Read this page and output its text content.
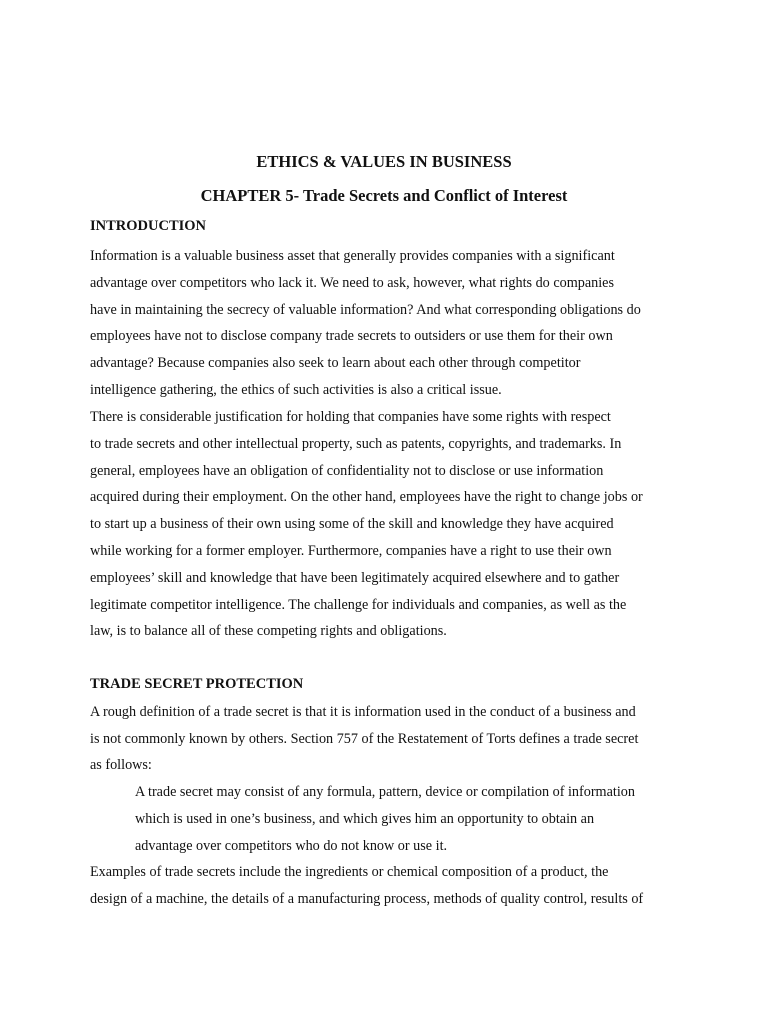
ETHICS & VALUES IN BUSINESS
CHAPTER 5- Trade Secrets and Conflict of Interest
INTRODUCTION
Information is a valuable business asset that generally provides companies with a significant
advantage over competitors who lack it. We need to ask, however, what rights do companies
have in maintaining the secrecy of valuable information? And what corresponding obligations do
employees have not to disclose company trade secrets to outsiders or use them for their own
advantage? Because companies also seek to learn about each other through competitor
intelligence gathering, the ethics of such activities is also a critical issue.
There is considerable justification for holding that companies have some rights with respect
to trade secrets and other intellectual property, such as patents, copyrights, and trademarks. In
general, employees have an obligation of confidentiality not to disclose or use information
acquired during their employment. On the other hand, employees have the right to change jobs or
to start up a business of their own using some of the skill and knowledge they have acquired
while working for a former employer. Furthermore, companies have a right to use their own
employees’ skill and knowledge that have been legitimately acquired elsewhere and to gather
legitimate competitor intelligence. The challenge for individuals and companies, as well as the
law, is to balance all of these competing rights and obligations.
TRADE SECRET PROTECTION
A rough definition of a trade secret is that it is information used in the conduct of a business and
is not commonly known by others. Section 757 of the Restatement of Torts defines a trade secret
as follows:
A trade secret may consist of any formula, pattern, device or compilation of information
which is used in one’s business, and which gives him an opportunity to obtain an
advantage over competitors who do not know or use it.
Examples of trade secrets include the ingredients or chemical composition of a product, the
design of a machine, the details of a manufacturing process, methods of quality control, results of
